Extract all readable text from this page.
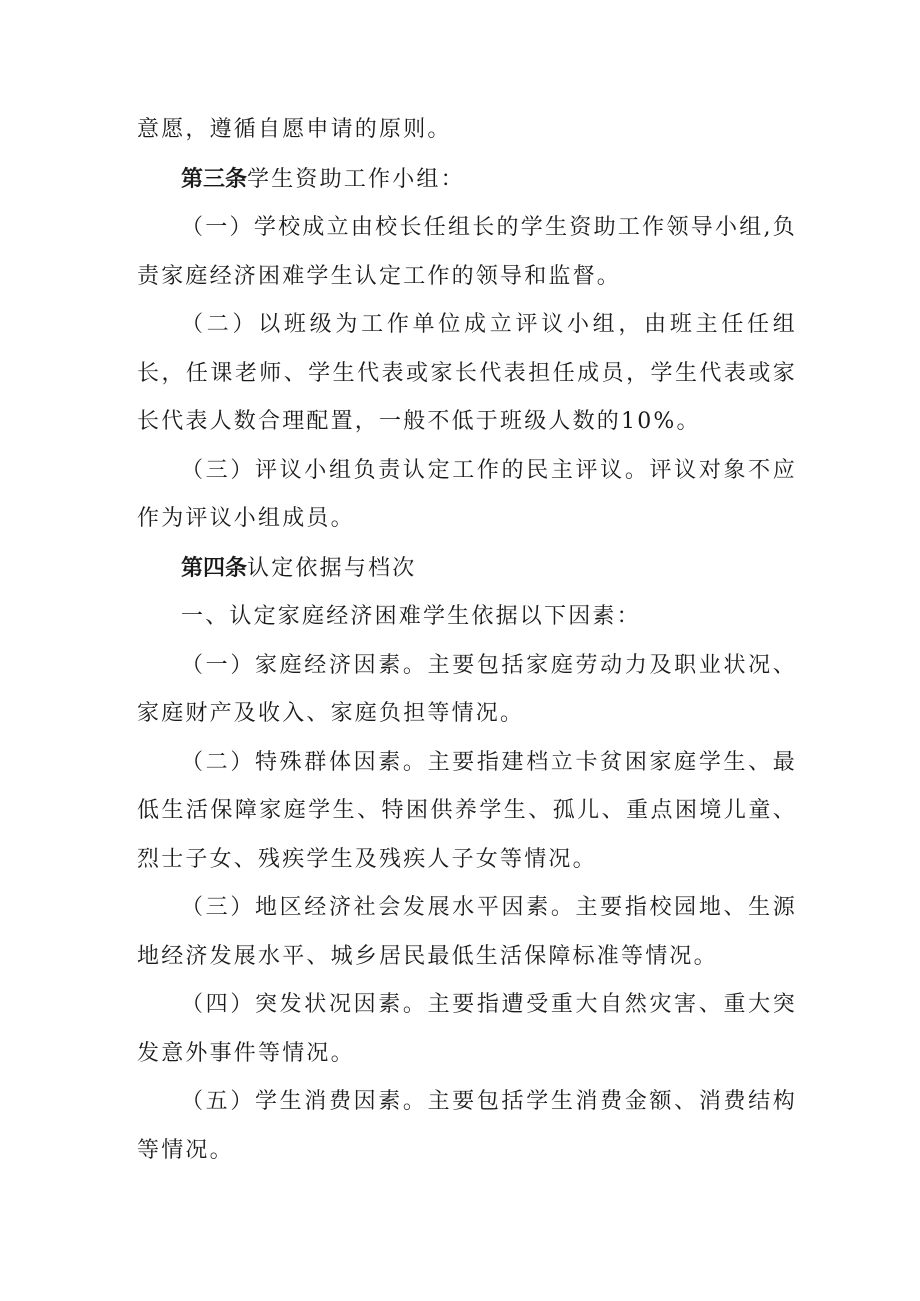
意愿，遵循自愿申请的原则。

第三条学生资助工作小组：

（一）学校成立由校长任组长的学生资助工作领导小组,负责家庭经济困难学生认定工作的领导和监督。

（二）以班级为工作单位成立评议小组，由班主任任组长，任课老师、学生代表或家长代表担任成员，学生代表或家长代表人数合理配置，一般不低于班级人数的10%。

（三）评议小组负责认定工作的民主评议。评议对象不应作为评议小组成员。

第四条认定依据与档次

一、认定家庭经济困难学生依据以下因素：

（一）家庭经济因素。主要包括家庭劳动力及职业状况、家庭财产及收入、家庭负担等情况。

（二）特殊群体因素。主要指建档立卡贫困家庭学生、最低生活保障家庭学生、特困供养学生、孤儿、重点困境儿童、烈士子女、残疾学生及残疾人子女等情况。

（三）地区经济社会发展水平因素。主要指校园地、生源地经济发展水平、城乡居民最低生活保障标准等情况。

（四）突发状况因素。主要指遭受重大自然灾害、重大突发意外事件等情况。

（五）学生消费因素。主要包括学生消费金额、消费结构等情况。
